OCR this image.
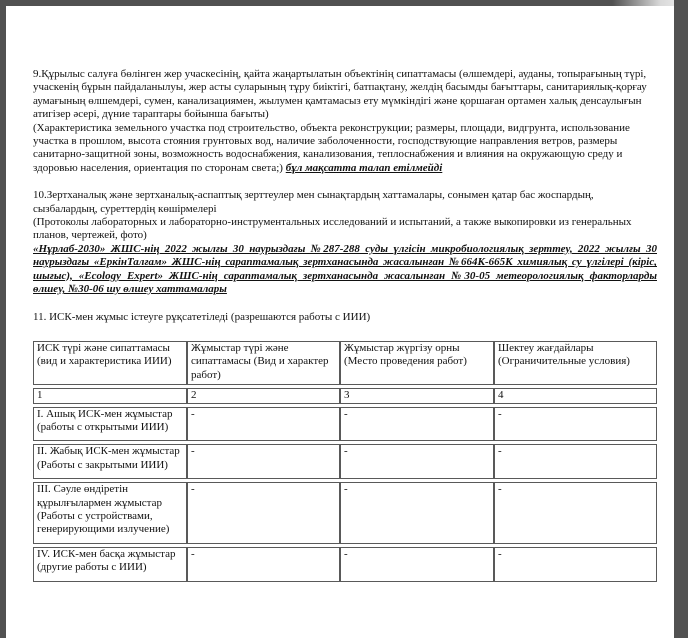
9.Құрылыс салуға бөлінген жер учаскесінің, қайта жаңартылатын объектінің сипаттамасы (өлшемдері, ауданы, топырағының түрі, учаскенің бұрын пайдаланылуы, жер асты суларының тұру биіктігі, батпақтану, желдің басымды бағыттары, санитариялық-қорғау аумағының өлшемдері, сумен, канализациямен, жылумен қамтамасыз ету мүмкіндігі және қоршаған ортамен халық денсаулығын атигізер әсері, дүние тараптары бойынша бағыты)
(Характеристика земельного участка под строительство, объекта реконструкции; размеры, площади, видгрунта, использование участка в прошлом, высота стояния грунтовых вод, наличие заболоченности, господствующие направления ветров, размеры санитарно-защитной зоны, возможность водоснабжения, канализования, теплоснабжения и влияния на окружающую среду и здоровью населения, ориентация по сторонам света;) бұл мақсатта талап етілмейді
10.Зертханалық және зертханалық-аспаптық зерттеулер мен сынақтардың хаттамалары, сонымен қатар бас жоспардың, сызбалардың, суреттердің көшірмелері
(Протоколы лабораторных и лабораторно-инструментальных исследований и испытаний, а также выкопировки из генеральных планов, чертежей, фото)
«Нұрлаб-2030» ЖШС-нің 2022 жылғы 30 наурыздағы №287-288 суды үлгісін микробиологиялық зерттеу, 2022 жылғы 30 наурыздағы «ЕркінТалғам» ЖШС-нің сараптамалық зертханасында жасалынған №664К-665К химиялық су үлгілері (кіріс, шығыс), «Ecology Expert» ЖШС-нің сараптамалық зертханасында жасалынған №30-05 метеорологиялық факторларды өлшеу, №30-06 шу өлшеу хаттамалары
11. ИСК-мен жұмыс істеуге рұқсатетіледі (разрешаются работы с ИИИ)
ИСК түрі және сипаттамасы (вид и характеристика ИИИ)	Жұмыстар түрі және сипаттамасы (Вид и характер работ)	Жұмыстар жүргізу орны (Место проведения работ)	Шектеу жағдайлары (Ограничительные условия)
1	2	3	4
I. Ашық ИСК-мен жұмыстар (работы с открытыми ИИИ)	-	-	-
II. Жабық ИСК-мен жұмыстар (Работы с закрытыми ИИИ)	-	-	-
III. Сәуле өндіретін құрылғылармен жұмыстар (Работы с устройствами, генерирующими излучение)	-	-	-
IV. ИСК-мен басқа жұмыстар (другие работы с ИИИ)	-	-	-
